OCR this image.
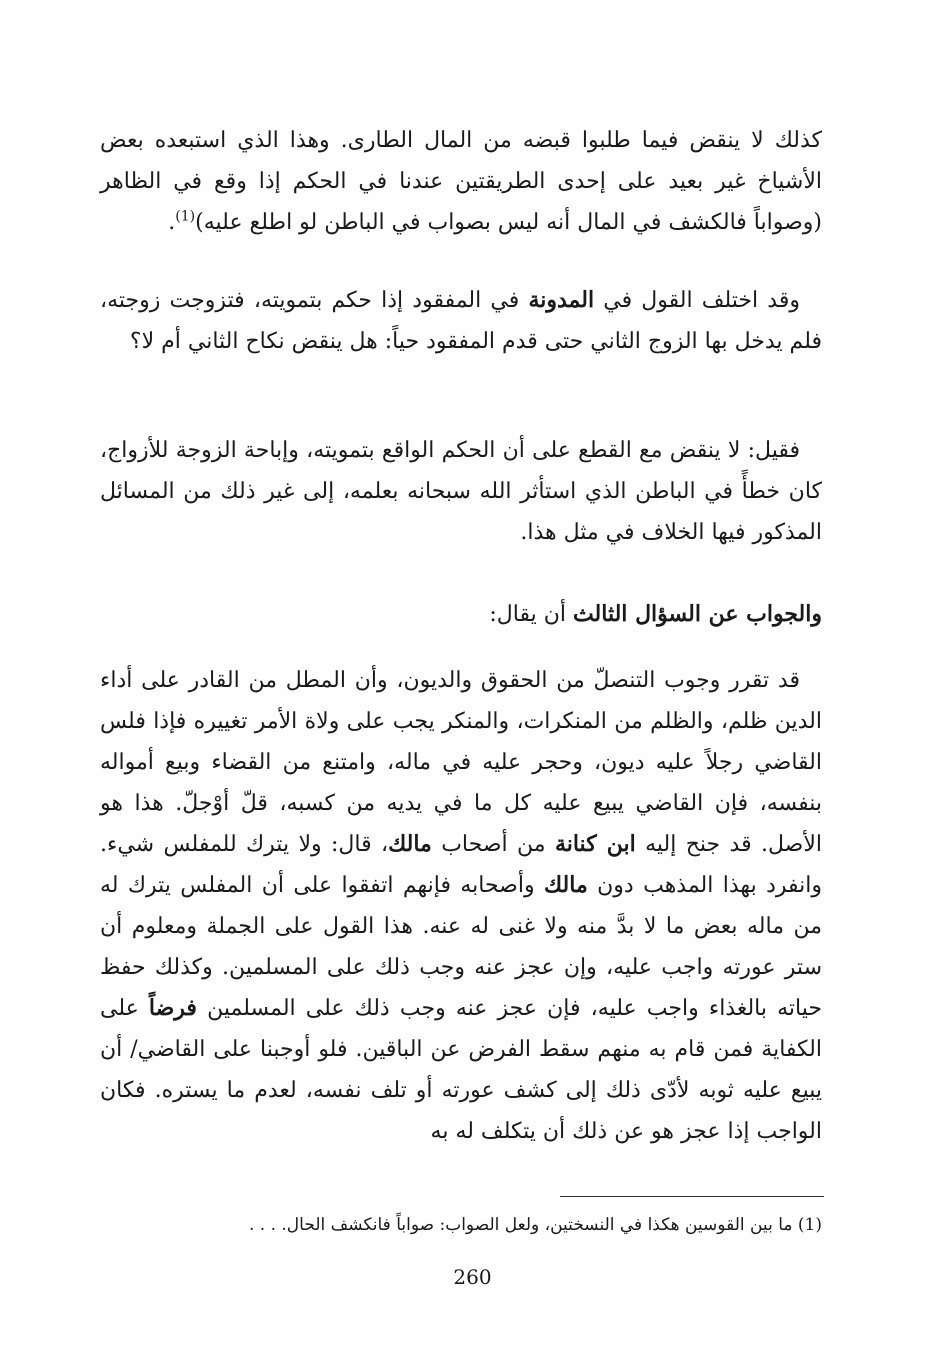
كذلك لا ينقض فيما طلبوا قبضه من المال الطارى. وهذا الذي استبعده بعض الأشياخ غير بعيد على إحدى الطريقتين عندنا في الحكم إذا وقع في الظاهر (وصواباً فالكشف في المال أنه ليس بصواب في الباطن لو اطلع عليه)$^{(1)}$.

وقد اختلف القول في المدونة في المفقود إذا حكم بتمويته، فتزوجت زوجته، فلم يدخل بها الزوج الثاني حتى قدم المفقود حياً: هل ينقض نكاح الثاني أم لا؟

فقيل: لا ينقض مع القطع على أن الحكم الواقع بتمويته، وإباحة الزوجة للأزواج، كان خطأً في الباطن الذي استأثر الله سبحانه بعلمه، إلى غير ذلك من المسائل المذكور فيها الخلاف في مثل هذا.

والجواب عن السؤال الثالث أن يقال:

قد تقرر وجوب التنصلّ من الحقوق والديون، وأن المطل من القادر على أداء الدين ظلم، والظلم من المنكرات، والمنكر يجب على ولاة الأمر تغييره فإذا فلس القاضي رجلاً عليه ديون، وحجر عليه في ماله، وامتنع من القضاء وبيع أمواله بنفسه، فإن القاضي يبيع عليه كل ما في يديه من كسبه، قلّ أوْجلّ. هذا هو الأصل. قد جنح إليه ابن كنانة من أصحاب مالك، قال: ولا يترك للمفلس شيء. وانفرد بهذا المذهب دون مالك وأصحابه فإنهم اتفقوا على أن المفلس يترك له من ماله بعض ما لا بدَّ منه ولا غنى له عنه. هذا القول على الجملة ومعلوم أن ستر عورته واجب عليه، وإن عجز عنه وجب ذلك على المسلمين. وكذلك حفظ حياته بالغذاء واجب عليه، فإن عجز عنه وجب ذلك على المسلمين فرضاً على الكفاية فمن قام به منهم سقط الفرض عن الباقين. فلو أوجبنا على القاضي/ أن يبيع عليه ثوبه لأدّى ذلك إلى كشف عورته أو تلف نفسه، لعدم ما يستره. فكان الواجب إذا عجز هو عن ذلك أن يتكلف له به

(1) ما بين القوسين هكذا في النسختين، ولعل الصواب: صواباً فانكشف الحال. . . .
260
